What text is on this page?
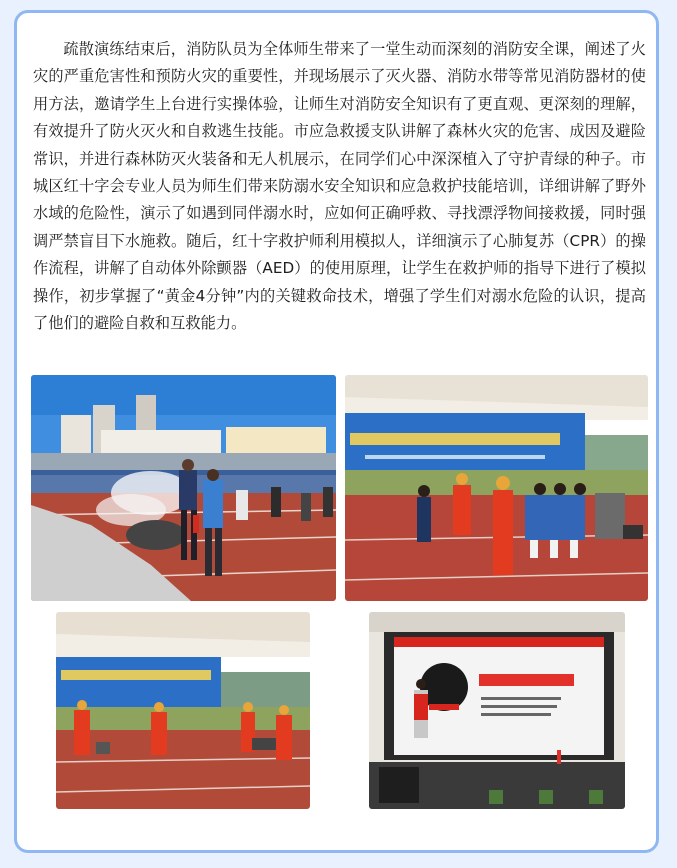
疏散演练结束后，消防队员为全体师生带来了一堂生动而深刻的消防安全课，阐述了火灾的严重危害性和预防火灾的重要性，并现场展示了灭火器、消防水带等常见消防器材的使用方法，邀请学生上台进行实操体验，让师生对消防安全知识有了更直观、更深刻的理解，有效提升了防火灭火和自救逃生技能。市应急救援支队讲解了森林火灾的危害、成因及避险常识，并进行森林防灭火装备和无人机展示，在同学们心中深深植入了守护青绿的种子。市城区红十字会专业人员为师生们带来防溺水安全知识和应急救护技能培训，详细讲解了野外水域的危险性，演示了如遇到同伴溺水时，应如何正确呼救、寻找漂浮物间接救援，同时强调严禁盲目下水施救。随后，红十字救护师利用模拟人，详细演示了心肺复苏（CPR）的操作流程，讲解了自动体外除颤器（AED）的使用原理，让学生在救护师的指导下进行了模拟操作，初步掌握了“黄金4分钟”内的关键救命技术，增强了学生们对溺水危险的认识，提高了他们的避险自救和互救能力。
